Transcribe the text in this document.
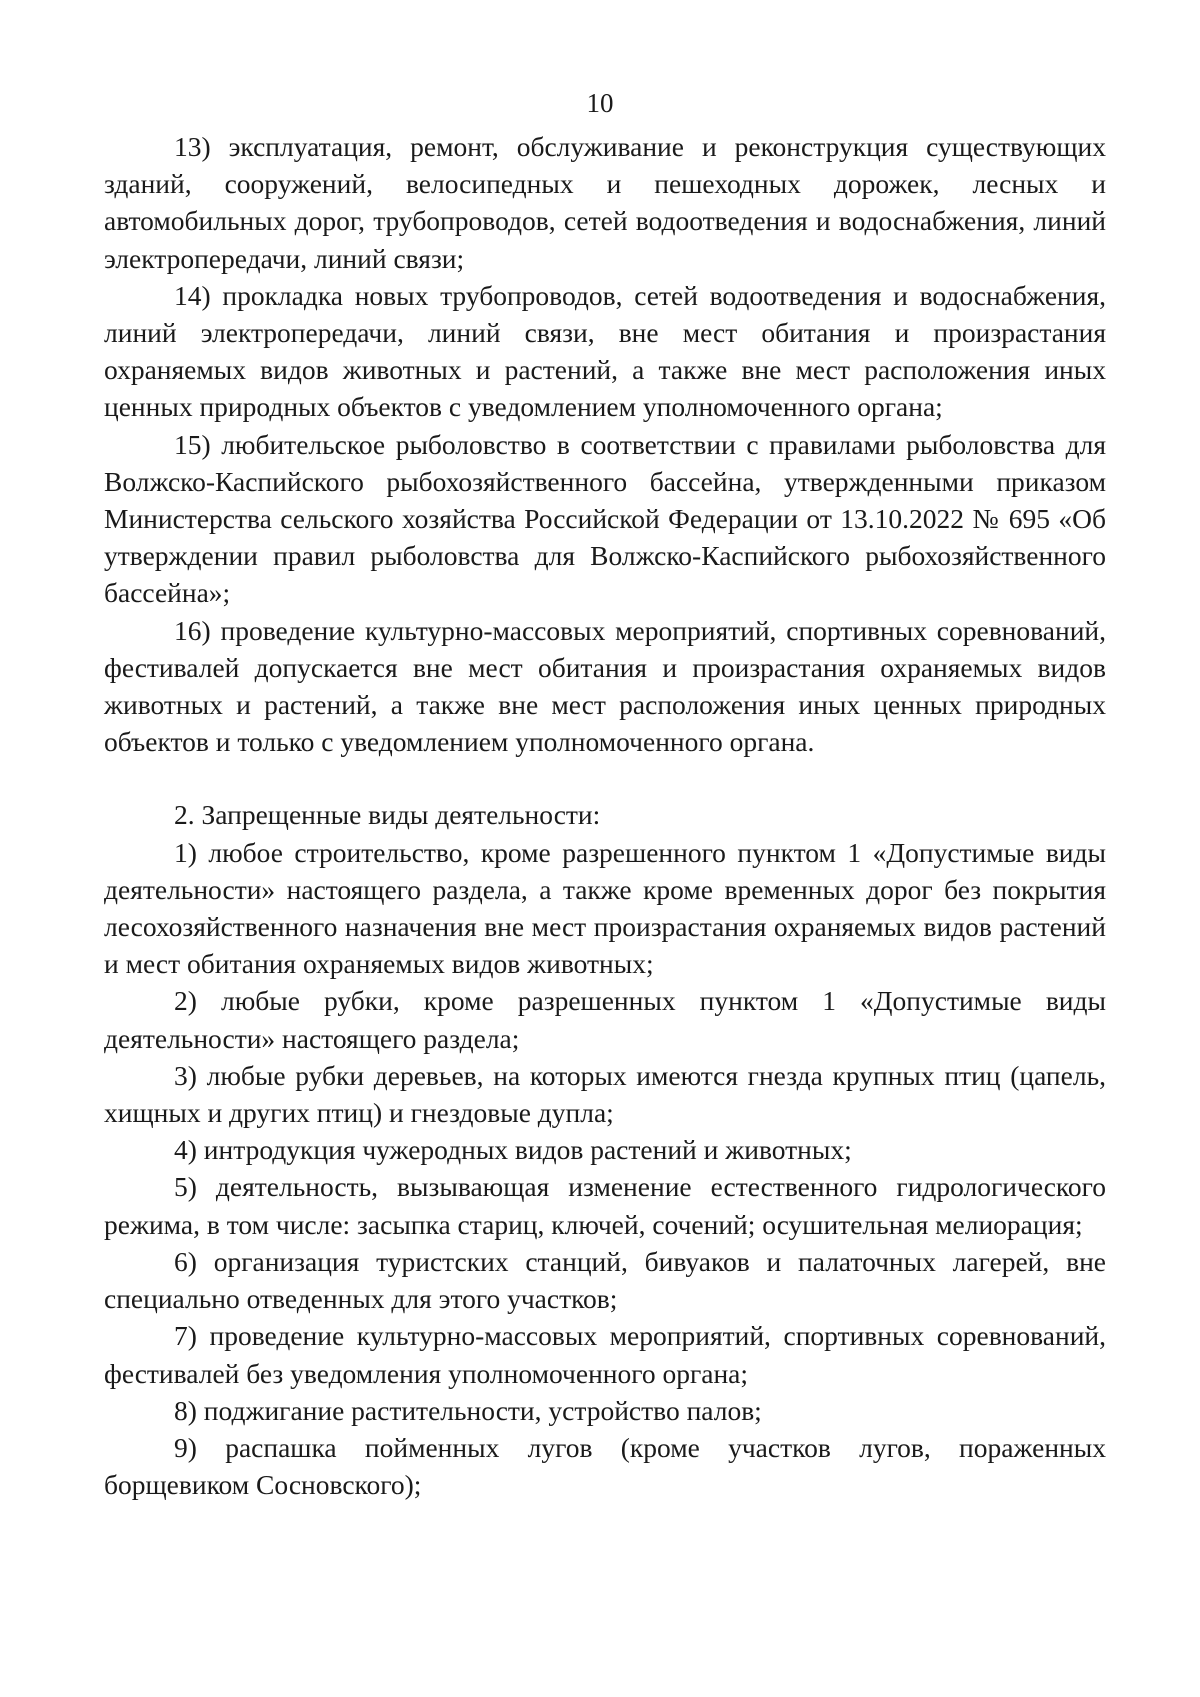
10

13) эксплуатация, ремонт, обслуживание и реконструкция существующих зданий, сооружений, велосипедных и пешеходных дорожек, лесных и автомобильных дорог, трубопроводов, сетей водоотведения и водоснабжения, линий электропередачи, линий связи;

14) прокладка новых трубопроводов, сетей водоотведения и водоснабжения, линий электропередачи, линий связи, вне мест обитания и произрастания охраняемых видов животных и растений, а также вне мест расположения иных ценных природных объектов с уведомлением уполномоченного органа;

15) любительское рыболовство в соответствии с правилами рыболовства для Волжско-Каспийского рыбохозяйственного бассейна, утвержденными приказом Министерства сельского хозяйства Российской Федерации от 13.10.2022 № 695 «Об утверждении правил рыболовства для Волжско-Каспийского рыбохозяйственного бассейна»;

16) проведение культурно-массовых мероприятий, спортивных соревнований, фестивалей допускается вне мест обитания и произрастания охраняемых видов животных и растений, а также вне мест расположения иных ценных природных объектов и только с уведомлением уполномоченного органа.

2. Запрещенные виды деятельности:

1) любое строительство, кроме разрешенного пунктом 1 «Допустимые виды деятельности» настоящего раздела, а также кроме временных дорог без покрытия лесохозяйственного назначения вне мест произрастания охраняемых видов растений и мест обитания охраняемых видов животных;

2) любые рубки, кроме разрешенных пунктом 1 «Допустимые виды деятельности» настоящего раздела;

3) любые рубки деревьев, на которых имеются гнезда крупных птиц (цапель, хищных и других птиц) и гнездовые дупла;

4) интродукция чужеродных видов растений и животных;

5) деятельность, вызывающая изменение естественного гидрологического режима, в том числе: засыпка стариц, ключей, сочений; осушительная мелиорация;

6) организация туристских станций, бивуаков и палаточных лагерей, вне специально отведенных для этого участков;

7) проведение культурно-массовых мероприятий, спортивных соревнований, фестивалей без уведомления уполномоченного органа;

8) поджигание растительности, устройство палов;

9) распашка пойменных лугов (кроме участков лугов, пораженных борщевиком Сосновского);
